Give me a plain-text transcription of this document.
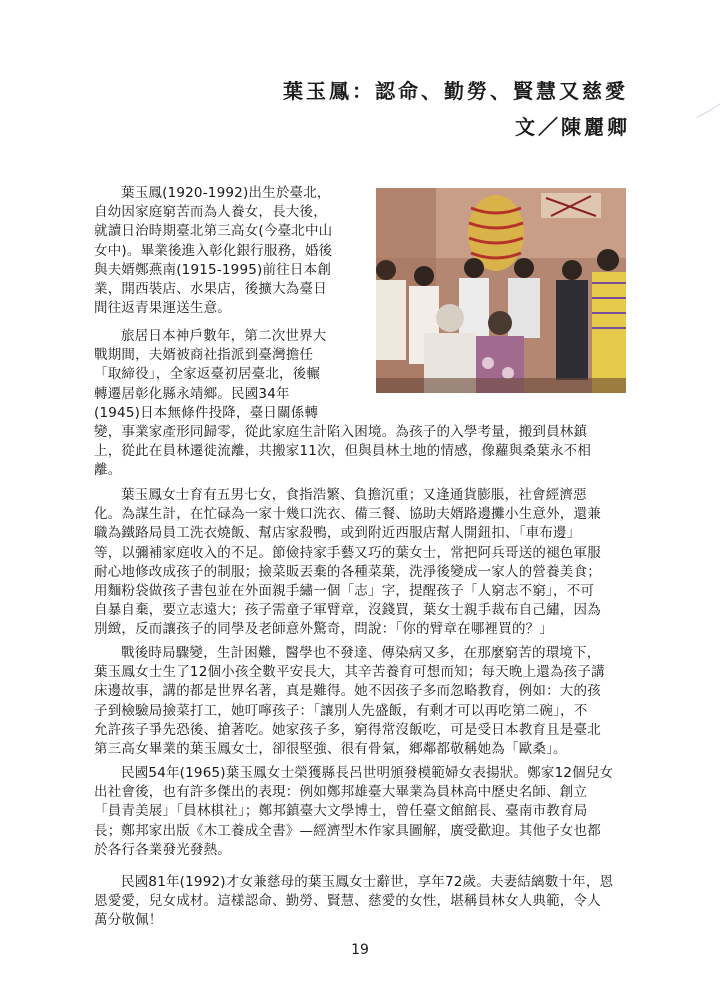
葉玉鳳：認命、勤勞、賢慧又慈愛
文／陳麗卿
葉玉鳳(1920-1992)出生於臺北，
自幼因家庭窮苦而為人養女，長大後，
就讀日治時期臺北第三高女(今臺北中山
女中)。畢業後進入彰化銀行服務，婚後
與夫婿鄭燕南(1915-1995)前往日本創
業，開西裝店、水果店，後擴大為臺日
間往返青果運送生意。
旅居日本神戶數年，第二次世界大
戰期間，夫婿被商社指派到臺灣擔任
「取締役」，全家返臺初居臺北，後輾
轉遷居彰化縣永靖鄉。民國34年
(1945)日本無條件投降，臺日關係轉
變，事業家產形同歸零，從此家庭生計陷入困境。為孩子的入學考量，搬到員林鎮
上，從此在員林遷徙流離，共搬家11次，但與員林土地的情感，像蘿與桑葉永不相
離。
葉玉鳳女士育有五男七女，食指浩繁、負擔沉重；又逢通貨膨脹，社會經濟惡
化。為謀生計，在忙碌為一家十幾口洗衣、備三餐、協助夫婿路邊攤小生意外，還兼
職為鐵路局員工洗衣燒飯、幫店家殺鴨，或到附近西服店幫人開鈕扣、「車布邊」
等，以彌補家庭收入的不足。節儉持家手藝又巧的葉女士，常把阿兵哥送的褪色軍服
耐心地修改成孩子的制服；撿菜販丟棄的各種菜葉，洗淨後變成一家人的營養美食；
用麵粉袋做孩子書包並在外面親手繡一個「志」字，提醒孩子「人窮志不窮」，不可
自暴自棄，要立志遠大；孩子需童子軍臂章，沒錢買，葉女士親手裁布自己繡，因為
別緻，反而讓孩子的同學及老師意外驚奇，問說：「你的臂章在哪裡買的？」
戰後時局驟變，生計困難，醫學也不發達、傳染病又多，在那麼窮苦的環境下，
葉玉鳳女士生了12個小孩全數平安長大，其辛苦養育可想而知；每天晚上還為孩子講
床邊故事，講的都是世界名著，真是難得。她不因孩子多而忽略教育，例如：大的孩
子到檢驗局撿菜打工，她叮嚀孩子：「讓別人先盛飯，有剩才可以再吃第二碗」，不
允許孩子爭先恐後、搶著吃。她家孩子多，窮得常沒飯吃，可是受日本教育且是臺北
第三高女畢業的葉玉鳳女士，卻很堅強、很有骨氣，鄉鄰都敬稱她為「歐桑」。
民國54年(1965)葉玉鳳女士榮獲縣長呂世明頒發模範婦女表揚狀。鄭家12個兒女
出社會後，也有許多傑出的表現：例如鄭邦雄臺大畢業為員林高中歷史名師、創立
「員青美展」「員林棋社」；鄭邦鎮臺大文學博士，曾任臺文館館長、臺南市教育局
長；鄭邦家出版《木工養成全書》—經濟型木作家具圖解，廣受歡迎。其他子女也都
於各行各業發光發熱。
民國81年(1992)才女兼慈母的葉玉鳳女士辭世，享年72歲。夫妻結縭數十年，恩
恩愛愛，兒女成材。這樣認命、勤勞、賢慧、慈愛的女性，堪稱員林女人典範，令人
萬分敬佩！
19
